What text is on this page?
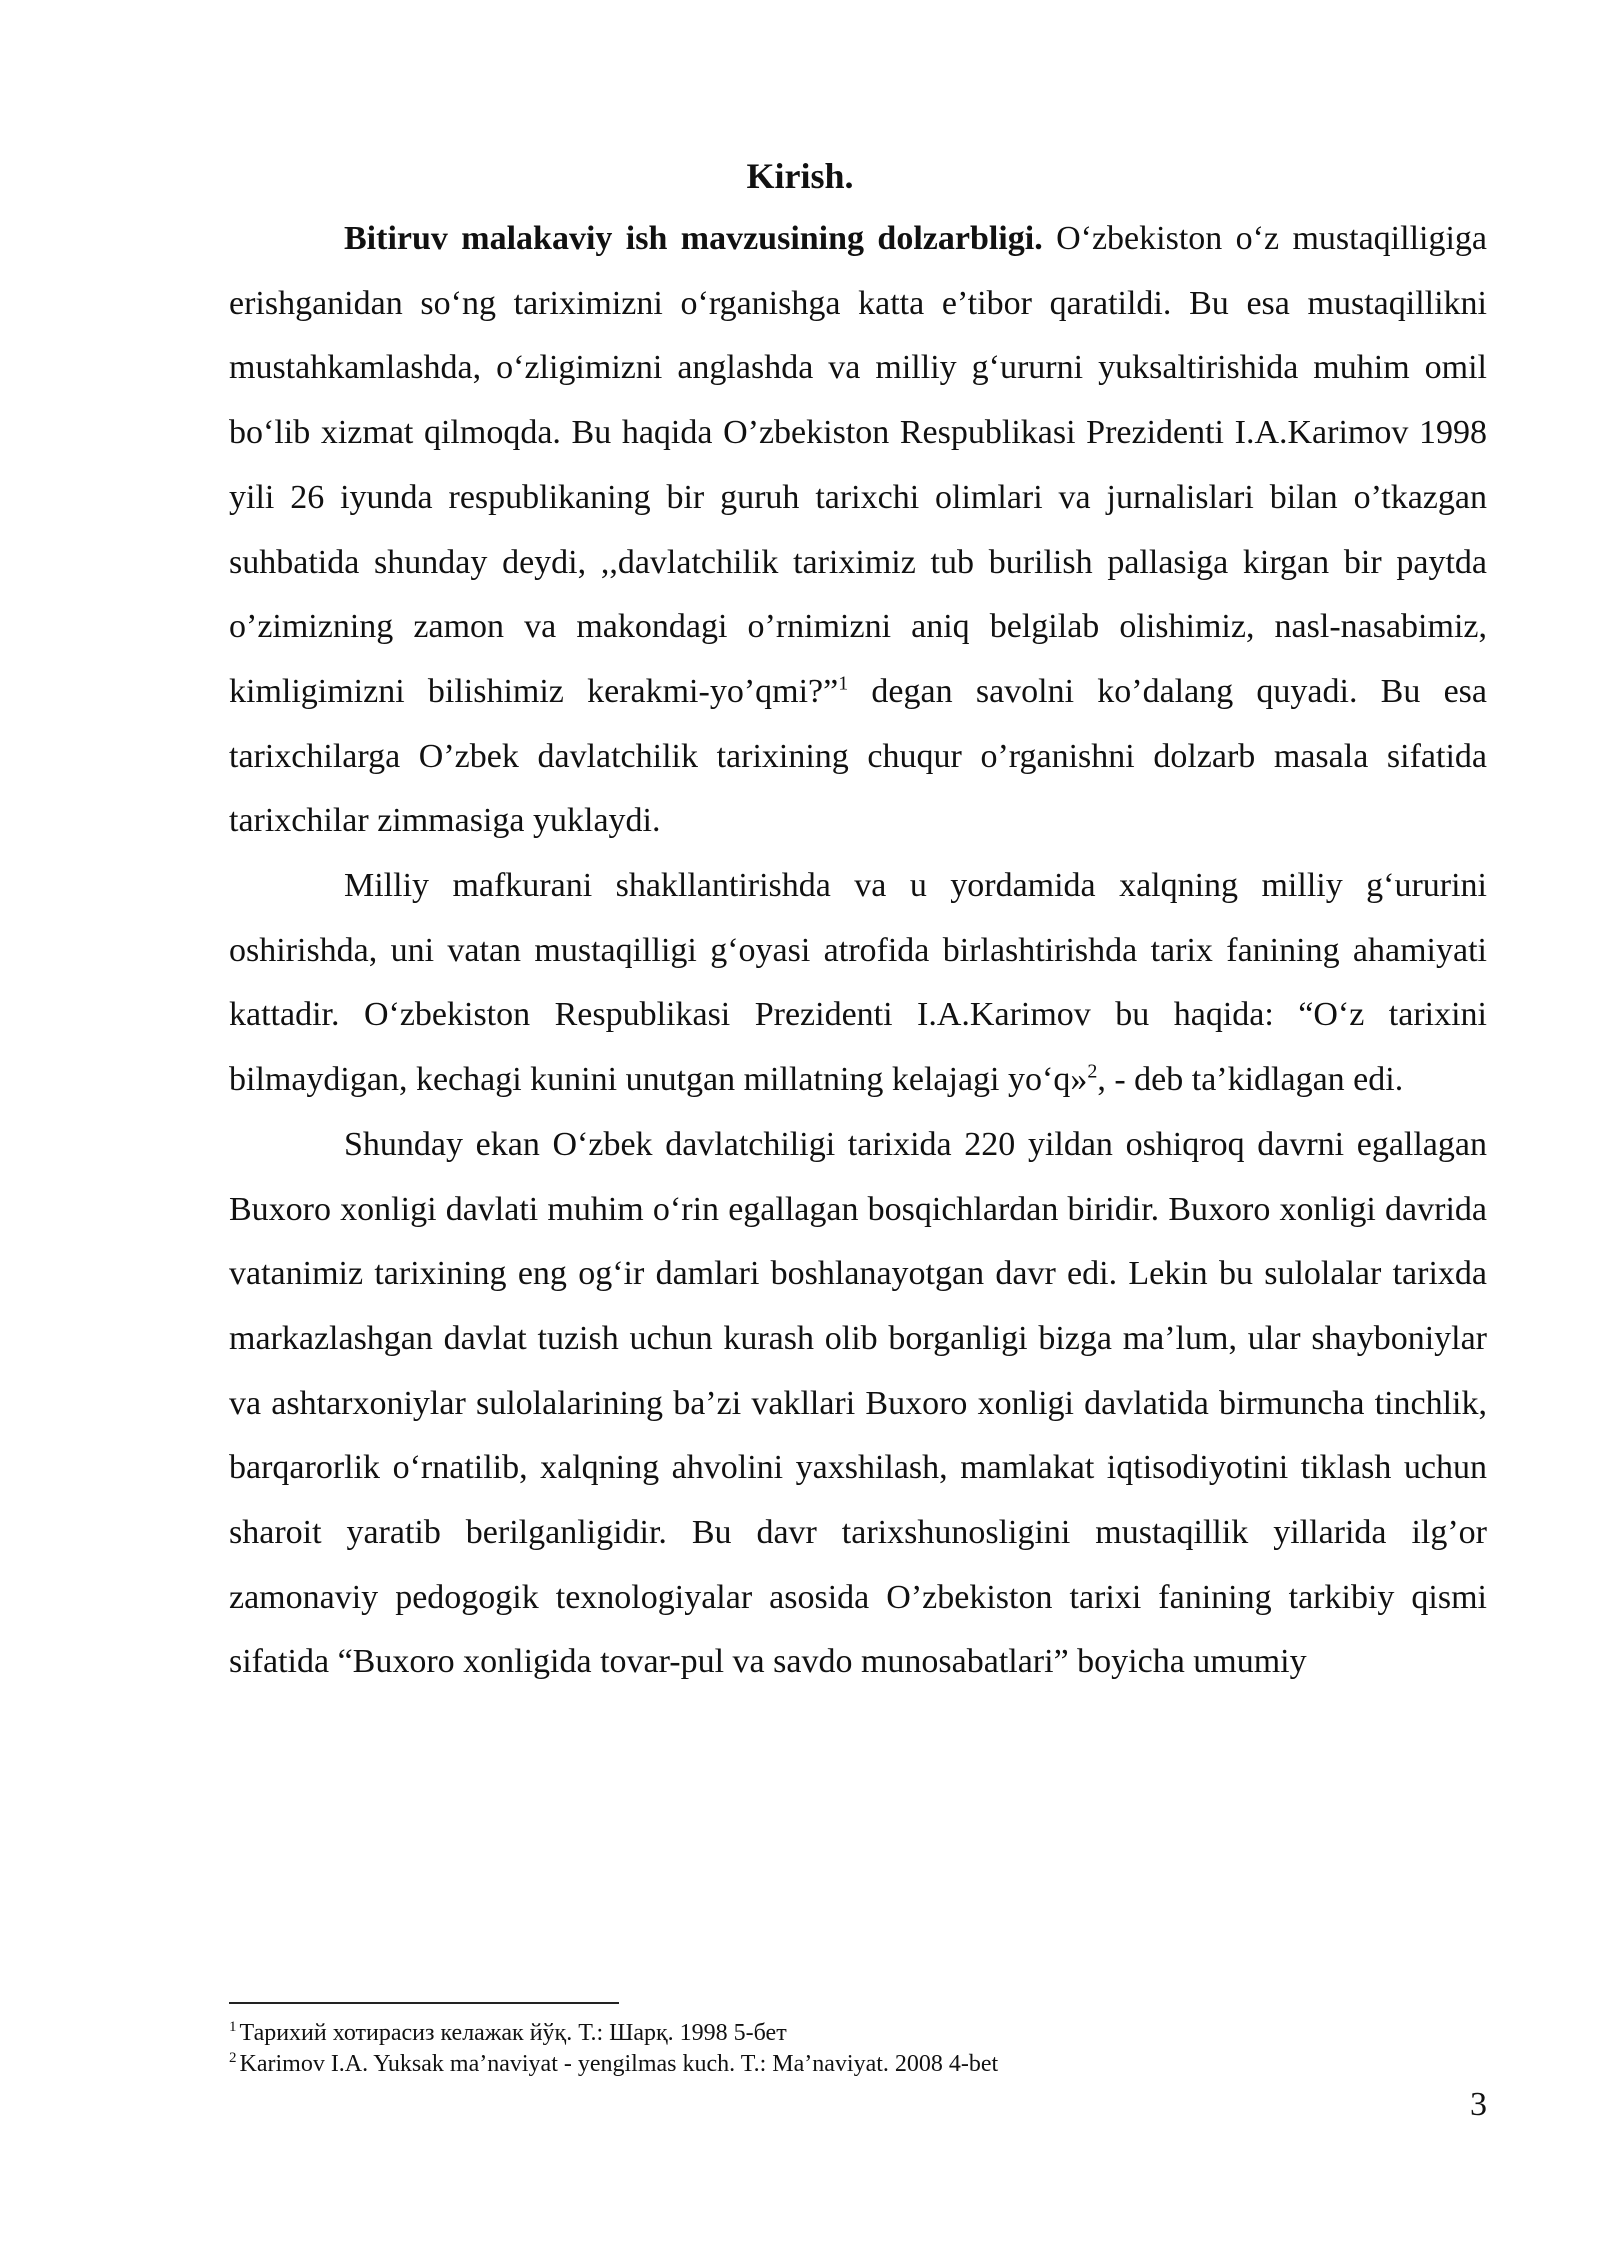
Kirish.

Bitiruv malakaviy ish mavzusining dolzarbligi. O‘zbekiston o‘z mustaqilligiga erishganidan so‘ng tariximizni o‘rganishga katta e’tibor qaratildi. Bu esa mustaqillikni mustahkamlashda, o‘zligimizni anglashda va milliy g‘ururni yuksaltirishida muhim omil bo‘lib xizmat qilmoqda. Bu haqida O’zbekiston Respublikasi Prezidenti I.A.Karimov 1998 yili 26 iyunda respublikaning bir guruh tarixchi olimlari va jurnalislari bilan o’tkazgan suhbatida shunday deydi, ,,davlatchilik tariximiz tub burilish pallasiga kirgan bir paytda o’zimizning zamon va makondagi o’rnimizni aniq belgilab olishimiz, nasl-nasabimiz, kimligimizni bilishimiz kerakmi-yo’qmi?”$^1$ degan savolni ko’dalang quyadi. Bu esa tarixchilarga O’zbek davlatchilik tarixining chuqur o’rganishni dolzarb masala sifatida tarixchilar zimmasiga yuklaydi.

Milliy mafkurani shakllantirishda va u yordamida xalqning milliy g‘ururini oshirishda, uni vatan mustaqilligi g‘oyasi atrofida birlashtirishda tarix fanining ahamiyati kattadir. O‘zbekiston Respublikasi Prezidenti I.A.Karimov bu haqida: “O‘z tarixini bilmaydigan, kechagi kunini unutgan millatning kelajagi yo‘q»$^2$, - deb ta’kidlagan edi.

Shunday ekan O‘zbek davlatchiligi tarixida 220 yildan oshiqroq davrni egallagan Buxoro xonligi davlati muhim o‘rin egallagan bosqichlardan biridir. Buxoro xonligi davrida vatanimiz tarixining eng og‘ir damlari boshlanayotgan davr edi. Lekin bu sulolalar tarixda markazlashgan davlat tuzish uchun kurash olib borganligi bizga ma’lum, ular shayboniylar va ashtarxoniylar sulolalarining ba’zi vakllari Buxoro xonligi davlatida birmuncha tinchlik, barqarorlik o‘rnatilib, xalqning ahvolini yaxshilash, mamlakat iqtisodiyotini tiklash uchun sharoit yaratib berilganligidir. Bu davr tarixshunosligini mustaqillik yillarida ilg’or zamonaviy pedogogik texnologiyalar asosida O’zbekiston tarixi fanining tarkibiy qismi sifatida “Buxoro xonligida tovar-pul va savdo munosabatlari” boyicha umumiy

$^1$ Тарихий хотирасиз келажак йўқ. Т.: Шарқ. 1998 5-бет
$^2$ Karimov I.A. Yuksak ma’naviyat - yengilmas kuch. T.: Ma’naviyat. 2008 4-bet
3
